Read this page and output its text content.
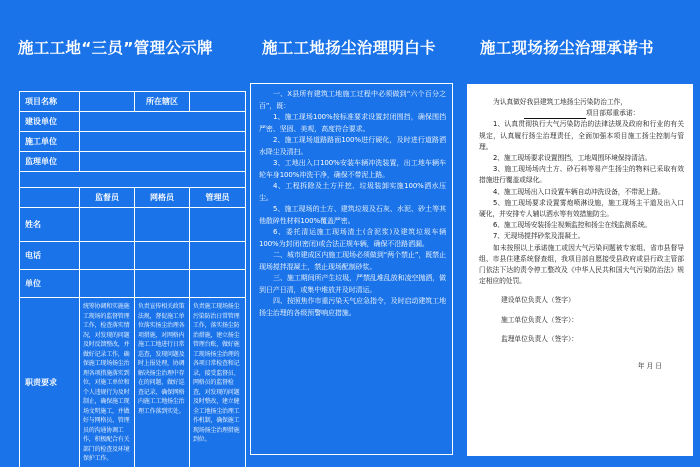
施工工地“三员”管理公示牌	施工工地扬尘治理明白卡	施工现场扬尘治理承诺书
项目名称		所在辖区	
建设单位			
施工单位			
监理单位			

	监督员	网格员	管理员
姓名			
电话			
单位			
职责要求	统筹协调和实施施工现场的监督管理工作，检查落实情况，对发现的问题及时反馈整改，并做好记录工作，确保施工现场扬尘治理各项措施落实到位，对施工单位和个人违规行为及时制止，确保施工现场文明施工，并做好与网格员、管理员的沟通协调工作，积极配合有关部门的检查及环境保护工作。	负责宣传相关政策法规，督促施工单位落实扬尘治理各项措施，对网格内施工工地进行日常巡查，发现问题及时上报处理，协调解决扬尘治理中存在的问题，做好巡查记录，确保网格内施工工地扬尘治理工作落到实处。	负责施工现场扬尘污染防治日常管理工作，落实扬尘防治措施，建立扬尘管理台账，做好施工现场扬尘治理的各项日常检查和记录，接受监督员、网格员的监督检查，对发现的问题及时整改，建立健全工地扬尘治理工作机制，确保施工现场扬尘治理措施到位。

一、X县所有建筑工地施工过程中必须做到“六个百分之百”，既：

1、施工现场100%按标准要求设置封闭围挡，确保围挡严密、坚固、美观，高度符合要求。

2、施工现场道路路面100%进行硬化，及时进行道路洒水降尘及清扫。

3、工地出入口100%安装车辆冲洗装置，出工地车辆车轮车身100%冲洗干净，确保不带泥上路。

4、工程拆除及土方开挖、垃圾装卸实施100%洒水压尘。

5、施工现场的土方、建筑垃圾及石灰、水泥、砂土等其他散碎性材料100%覆盖严密。

6、委托清运施工现场渣土(含泥浆)及建筑垃圾车辆100%为封闭(密闭)或合法正规车辆，确保不沿路洒漏。

二、城市建成区内施工现场必须做到“两个禁止”，既禁止现场搅拌混凝土，禁止现场配制砂浆。

三、施工期间所产生垃圾，严禁乱堆乱放和凌空抛洒，做到日产日清，或集中堆放并及时清运。

四、按照焦作市重污染天气应急指令，及时启动建筑工地扬尘治理的各级预警响应措施。

为认真做好我县建筑工地扬尘污染防治工作，

项目部郑重承诺：

1、认真贯彻执行大气污染防治的法律法规及政府和行业的有关规定，认真履行扬尘治理责任，全面加强本项目施工扬尘控制与管理。

2、施工现场要求设置围挡，工地周围环境保持清洁。

3、施工现场场内土方、砂石料等易产生扬尘的物料已采取有效措施进行覆盖或绿化。

4、施工现场出入口设置车辆自动冲洗设备，不带泥上路。

5、施工现场要求设置雾炮喷淋设施，施工现场主干道及出入口硬化，并安排专人辅以洒水等有效措施防尘。

6、施工现场安装扬尘视频监控和扬尘在线监测系统。

7、无现场搅拌砂浆及混凝土。

如未按照以上承诺施工或因大气污染问题被专家组、省市县督导组、市县住建系统督查组，我项目部自愿接受县政府或县行政主管部门依法下达的责令停工整改及《中华人民共和国大气污染防治法》规定相应的处罚。

建设单位负责人（签字）

施工单位负责人（签字）：

监理单位负责人（签字）：

年 月 日
